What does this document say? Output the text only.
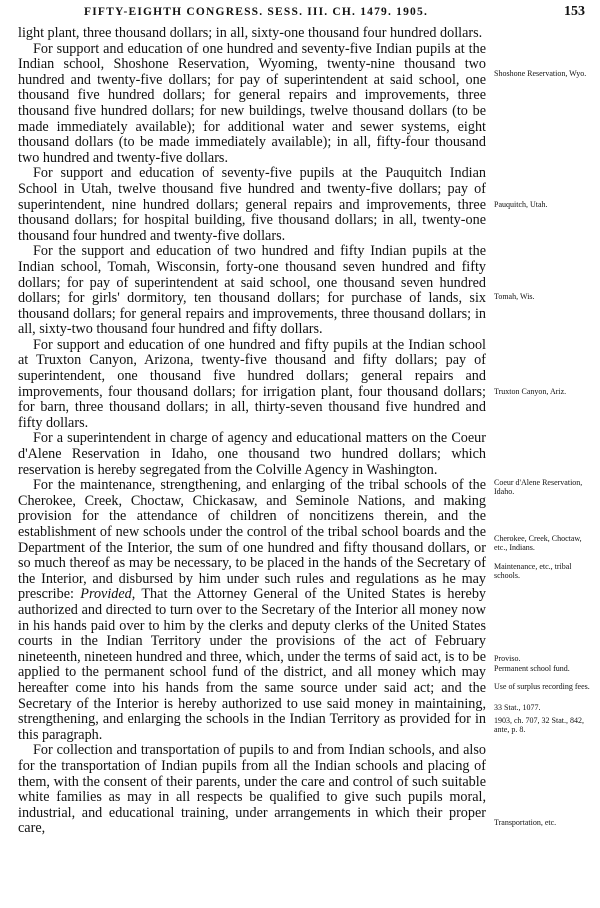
FIFTY-EIGHTH CONGRESS. SESS. III. CH. 1479. 1905.	153

light plant, three thousand dollars; in all, sixty-one thousand four hundred dollars.

For support and education of one hundred and seventy-five Indian pupils at the Indian school, Shoshone Reservation, Wyoming, twenty-nine thousand two hundred and twenty-five dollars; for pay of superintendent at said school, one thousand five hundred dollars; for general repairs and improvements, three thousand five hundred dollars; for new buildings, twelve thousand dollars (to be made immediately available); for additional water and sewer systems, eight thousand dollars (to be made immediately available); in all, fifty-four thousand two hundred and twenty-five dollars.

For support and education of seventy-five pupils at the Pauquitch Indian School in Utah, twelve thousand five hundred and twenty-five dollars; pay of superintendent, nine hundred dollars; general repairs and improvements, three thousand dollars; for hospital building, five thousand dollars; in all, twenty-one thousand four hundred and twenty-five dollars.

For the support and education of two hundred and fifty Indian pupils at the Indian school, Tomah, Wisconsin, forty-one thousand seven hundred and fifty dollars; for pay of superintendent at said school, one thousand seven hundred dollars; for girls' dormitory, ten thousand dollars; for purchase of lands, six thousand dollars; for general repairs and improvements, three thousand dollars; in all, sixty-two thousand four hundred and fifty dollars.

For support and education of one hundred and fifty pupils at the Indian school at Truxton Canyon, Arizona, twenty-five thousand and fifty dollars; pay of superintendent, one thousand five hundred dollars; general repairs and improvements, four thousand dollars; for irrigation plant, four thousand dollars; for barn, three thousand dollars; in all, thirty-seven thousand five hundred and fifty dollars.

For a superintendent in charge of agency and educational matters on the Coeur d'Alene Reservation in Idaho, one thousand two hundred dollars; which reservation is hereby segregated from the Colville Agency in Washington.

For the maintenance, strengthening, and enlarging of the tribal schools of the Cherokee, Creek, Choctaw, Chickasaw, and Seminole Nations, and making provision for the attendance of children of noncitizens therein, and the establishment of new schools under the control of the tribal school boards and the Department of the Interior, the sum of one hundred and fifty thousand dollars, or so much thereof as may be necessary, to be placed in the hands of the Secretary of the Interior, and disbursed by him under such rules and regulations as he may prescribe: Provided, That the Attorney General of the United States is hereby authorized and directed to turn over to the Secretary of the Interior all money now in his hands paid over to him by the clerks and deputy clerks of the United States courts in the Indian Territory under the provisions of the act of February nineteenth, nineteen hundred and three, which, under the terms of said act, is to be applied to the permanent school fund of the district, and all money which may hereafter come into his hands from the same source under said act; and the Secretary of the Interior is hereby authorized to use said money in maintaining, strengthening, and enlarging the schools in the Indian Territory as provided for in this paragraph.

For collection and transportation of pupils to and from Indian schools, and also for the transportation of Indian pupils from all the Indian schools and placing of them, with the consent of their parents, under the care and control of such suitable white families as may in all respects be qualified to give such pupils moral, industrial, and educational training, under arrangements in which their proper care,

Shoshone Reservation, Wyo.
Pauquitch, Utah.
Tomah, Wis.
Truxton Canyon, Ariz.
Coeur d'Alene Reservation, Idaho.
Cherokee, Creek, Choctaw, etc., Indians.
Maintenance, etc., tribal schools.
Proviso.
Permanent school fund.
Use of surplus recording fees.
33 Stat., 1077.
1903, ch. 707, 32 Stat., 842, ante, p. 8.
Transportation, etc.
